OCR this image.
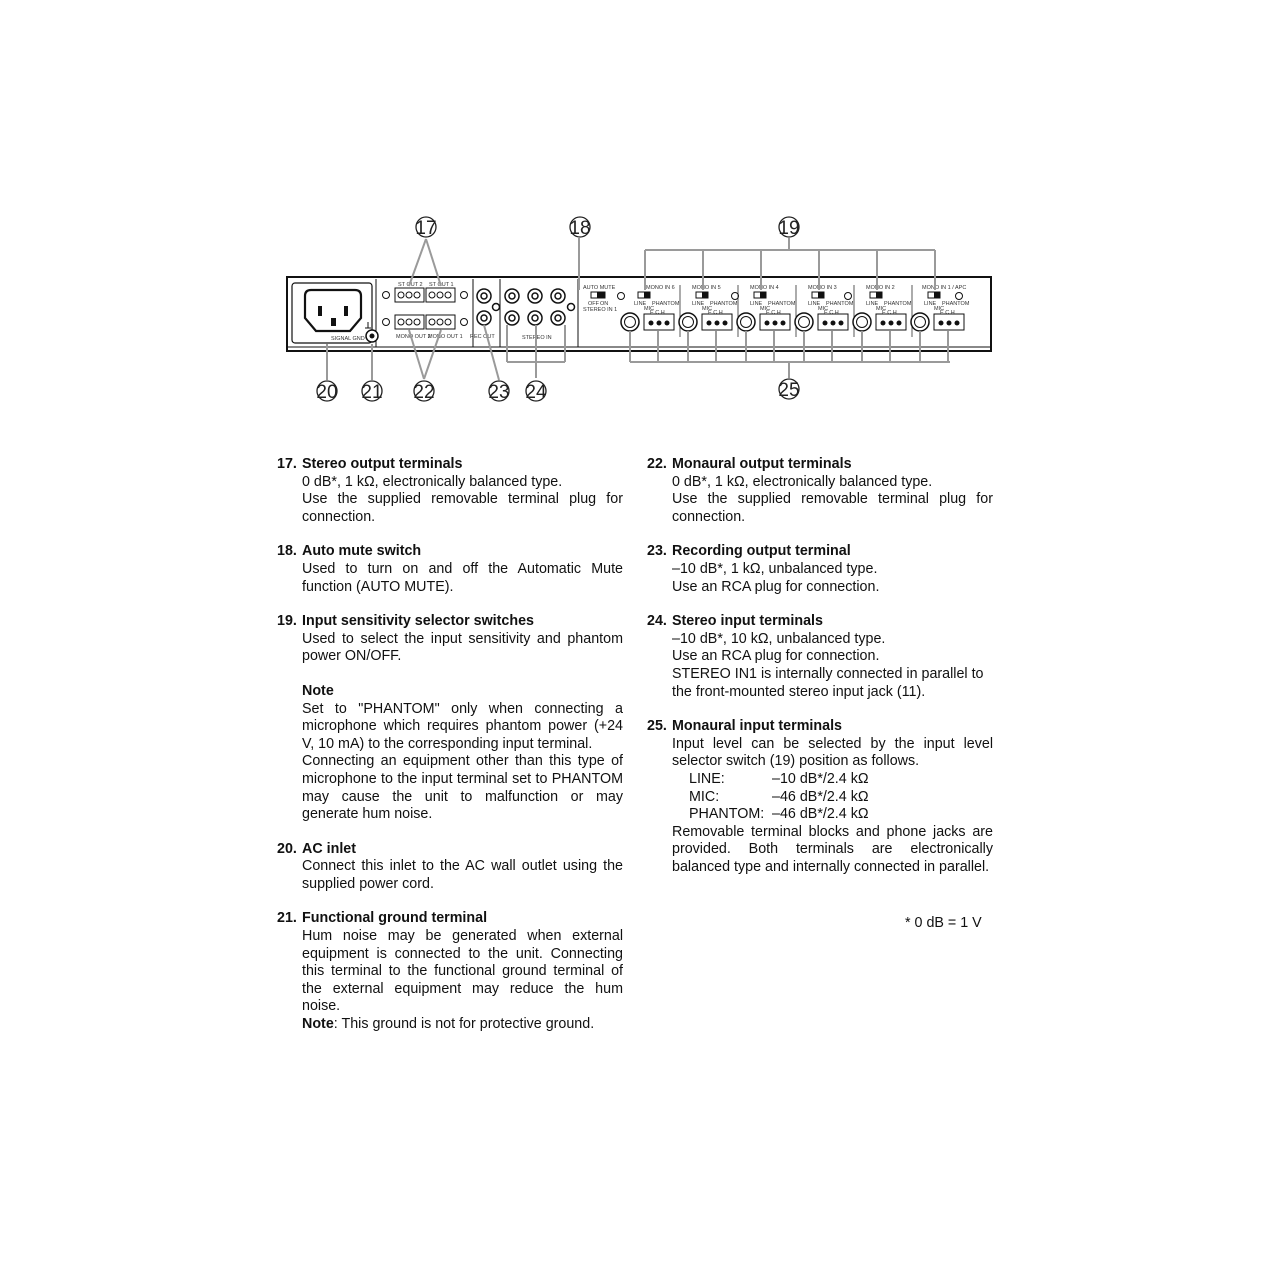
SIGNAL GND
ST OUT 2 ST OUT 1
MONO OUT 2
MONO OUT 1 REC OUT	STEREO IN
AUTO MUTE
OFF ON
STEREO IN 1
MONO IN 6
LINE PHANTOM
MIC
E C H
MONO IN 5
LINE PHANTOM
MIC
E C H
MONO IN 4
LINE PHANTOM
MIC
E C H
MONO IN 3
LINE PHANTOM
MIC
E C H
MONO IN 2
LINE PHANTOM
MIC
E C H
MONO IN 1 / APC
LINE PHANTOM
MIC
E C H
17	18	19
20 21 22	23 24	25
17. Stereo output terminals
0 dB*, 1 kΩ, electronically balanced type.
Use the supplied removable terminal plug for connection.
18. Auto mute switch
Used to turn on and off the Automatic Mute function (AUTO MUTE).
19. Input sensitivity selector switches
Used to select the input sensitivity and phantom power ON/OFF.
Note
Set to "PHANTOM" only when connecting a microphone which requires phantom power (+24 V, 10 mA) to the corresponding input terminal.
Connecting an equipment other than this type of microphone to the input terminal set to PHANTOM may cause the unit to malfunction or may generate hum noise.
20. AC inlet
Connect this inlet to the AC wall outlet using the supplied power cord.
21. Functional ground terminal
Hum noise may be generated when external equipment is connected to the unit. Connecting this terminal to the functional ground terminal of the external equipment may reduce the hum noise.
Note: This ground is not for protective ground.
22. Monaural output terminals
0 dB*, 1 kΩ, electronically balanced type.
Use the supplied removable terminal plug for connection.
23. Recording output terminal
–10 dB*, 1 kΩ, unbalanced type.
Use an RCA plug for connection.
24. Stereo input terminals
–10 dB*, 10 kΩ, unbalanced type.
Use an RCA plug for connection.
STEREO IN1 is internally connected in parallel to the front-mounted stereo input jack (11).
25. Monaural input terminals
Input level can be selected by the input level selector switch (19) position as follows.
LINE:	–10 dB*/2.4 kΩ
MIC:	–46 dB*/2.4 kΩ
PHANTOM: –46 dB*/2.4 kΩ
Removable terminal blocks and phone jacks are provided. Both terminals are electronically balanced type and internally connected in parallel.
* 0 dB = 1 V
